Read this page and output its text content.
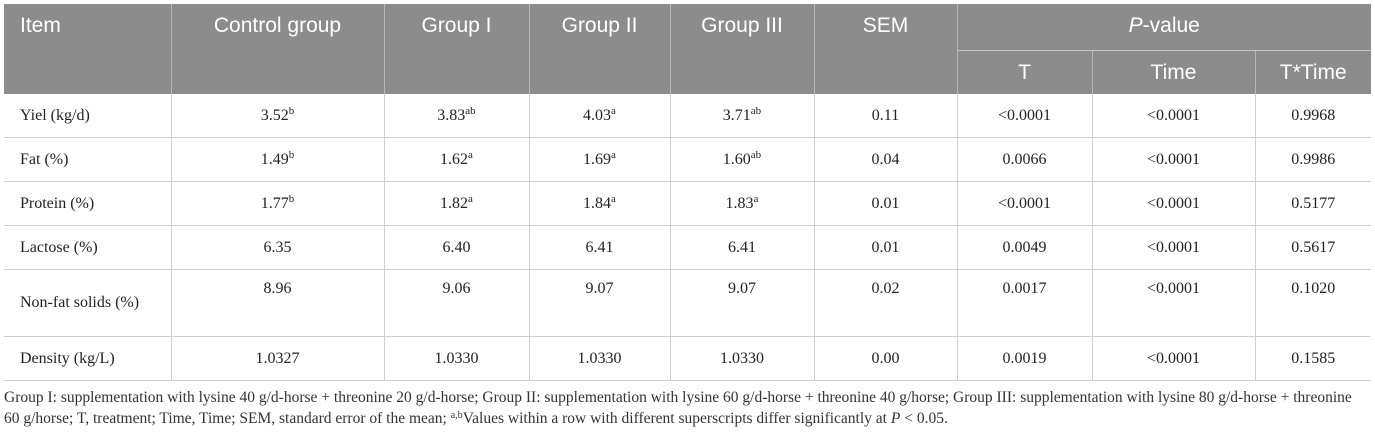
Item	Control group	Group I	Group II	Group III	SEM	P-value		
						T	Time	T*Time
Yiel (kg/d)	3.52$^b$	3.83$^{ab}$	4.03$^a$	3.71$^{ab}$	0.11	<0.0001	<0.0001	0.9968
Fat (%)	1.49$^b$	1.62$^a$	1.69$^a$	1.60$^{ab}$	0.04	0.0066	<0.0001	0.9986
Protein (%)	1.77$^b$	1.82$^a$	1.84$^a$	1.83$^a$	0.01	<0.0001	<0.0001	0.5177
Lactose (%)	6.35	6.40	6.41	6.41	0.01	0.0049	<0.0001	0.5617
Non-fat solids (%)	8.96	9.06	9.07	9.07	0.02	0.0017	<0.0001	0.1020
Density (kg/L)	1.0327	1.0330	1.0330	1.0330	0.00	0.0019	<0.0001	0.1585
Group I: supplementation with lysine 40 g/d-horse + threonine 20 g/d-horse; Group II: supplementation with lysine 60 g/d-horse + threonine 40 g/horse; Group III: supplementation with lysine 80 g/d-horse + threonine 60 g/horse; T, treatment; Time, Time; SEM, standard error of the mean; $^{a,b}$Values within a row with different superscripts differ significantly at P < 0.05.
